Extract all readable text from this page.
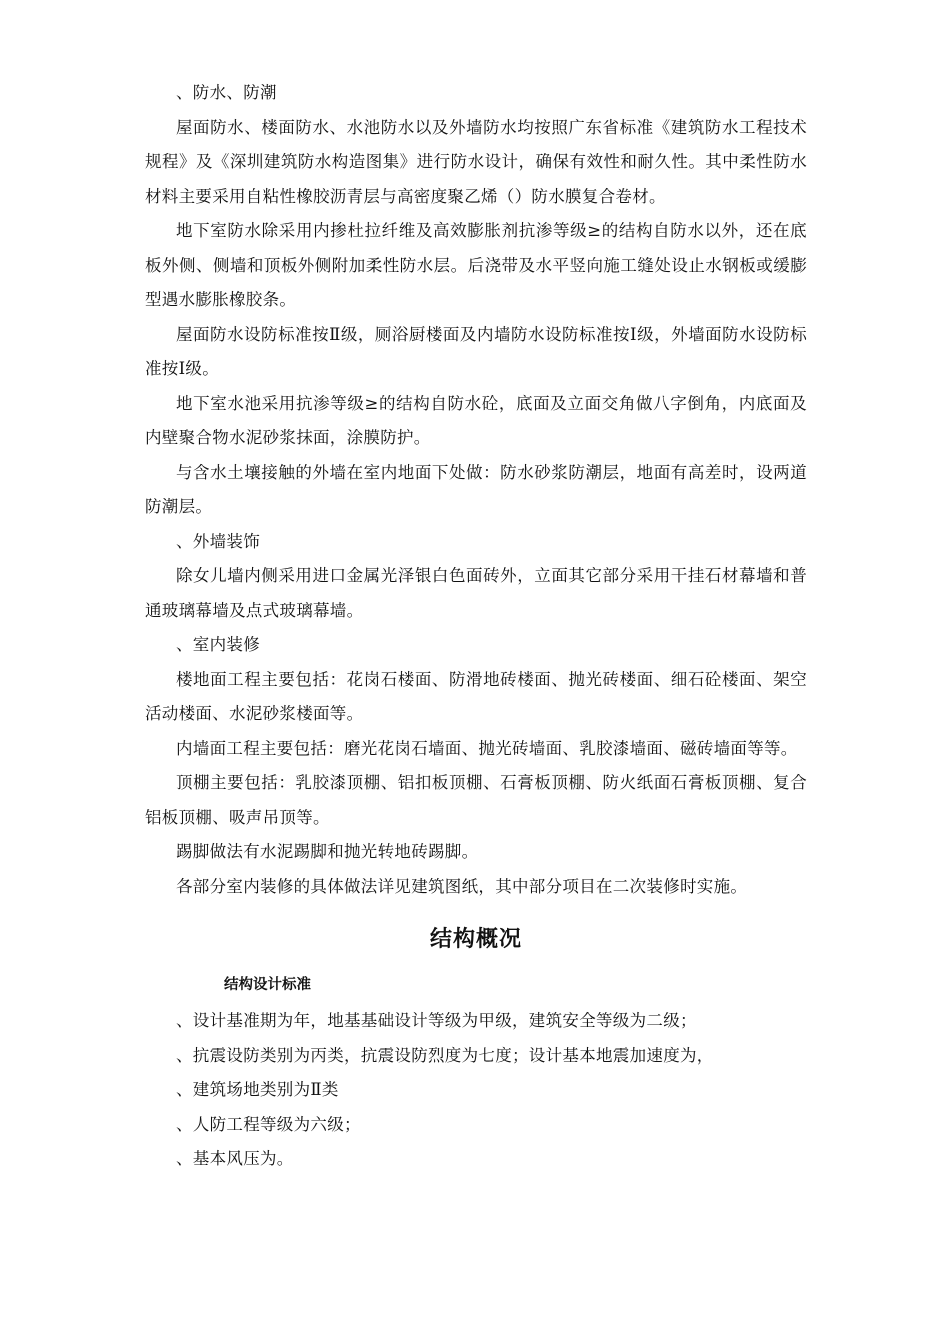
、防水、防潮

屋面防水、楼面防水、水池防水以及外墙防水均按照广东省标准《建筑防水工程技术规程》及《深圳建筑防水构造图集》进行防水设计，确保有效性和耐久性。其中柔性防水材料主要采用自粘性橡胶沥青层与高密度聚乙烯（）防水膜复合卷材。

地下室防水除采用内掺杜拉纤维及高效膨胀剂抗渗等级≥的结构自防水以外，还在底板外侧、侧墙和顶板外侧附加柔性防水层。后浇带及水平竖向施工缝处设止水钢板或缓膨型遇水膨胀橡胶条。

屋面防水设防标准按Ⅱ级，厕浴厨楼面及内墙防水设防标准按Ⅰ级，外墙面防水设防标准按Ⅰ级。

地下室水池采用抗渗等级≥的结构自防水砼，底面及立面交角做八字倒角，内底面及内壁聚合物水泥砂浆抹面，涂膜防护。

与含水土壤接触的外墙在室内地面下处做：防水砂浆防潮层，地面有高差时，设两道防潮层。

、外墙装饰

除女儿墙内侧采用进口金属光泽银白色面砖外，立面其它部分采用干挂石材幕墙和普通玻璃幕墙及点式玻璃幕墙。

、室内装修

楼地面工程主要包括：花岗石楼面、防滑地砖楼面、抛光砖楼面、细石砼楼面、架空活动楼面、水泥砂浆楼面等。

内墙面工程主要包括：磨光花岗石墙面、抛光砖墙面、乳胶漆墙面、磁砖墙面等等。

顶棚主要包括：乳胶漆顶棚、铝扣板顶棚、石膏板顶棚、防火纸面石膏板顶棚、复合铝板顶棚、吸声吊顶等。

踢脚做法有水泥踢脚和抛光转地砖踢脚。

各部分室内装修的具体做法详见建筑图纸，其中部分项目在二次装修时实施。

结构概况
结构设计标准

、设计基准期为年，地基基础设计等级为甲级，建筑安全等级为二级；

、抗震设防类别为丙类，抗震设防烈度为七度；设计基本地震加速度为，

、建筑场地类别为Ⅱ类

、人防工程等级为六级；

、基本风压为。
